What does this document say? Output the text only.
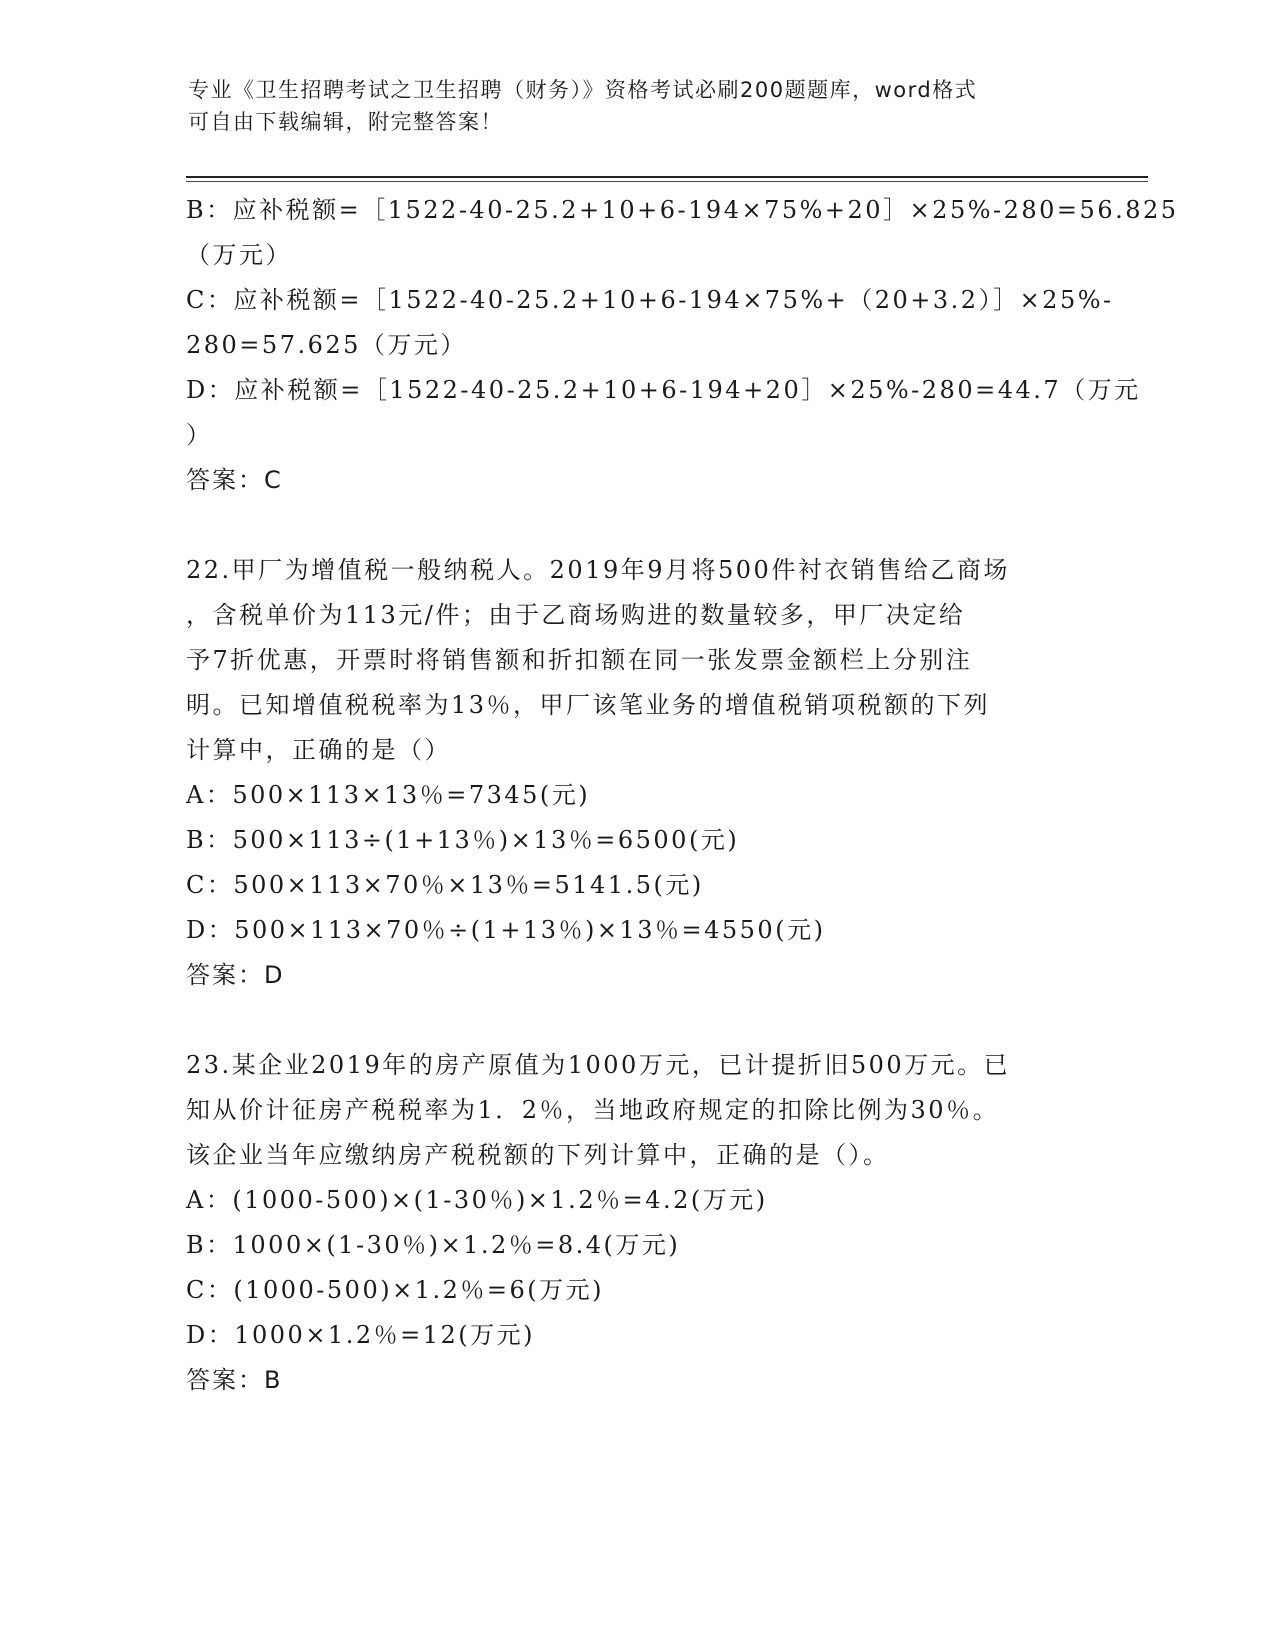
专业《卫生招聘考试之卫生招聘（财务）》资格考试必刷200题题库，word格式
可自由下载编辑，附完整答案！
B：应补税额=［1522-40-25.2+10+6-194×75%+20］×25%-280=56.825
（万元）
C：应补税额=［1522-40-25.2+10+6-194×75%+（20+3.2）］×25%-
280=57.625（万元）
D：应补税额=［1522-40-25.2+10+6-194+20］×25%-280=44.7（万元
）
答案：C
22.甲厂为增值税一般纳税人。2019年9月将500件衬衣销售给乙商场
，含税单价为113元/件；由于乙商场购进的数量较多，甲厂决定给
予7折优惠，开票时将销售额和折扣额在同一张发票金额栏上分别注
明。已知增值税税率为13％，甲厂该笔业务的增值税销项税额的下列
计算中，正确的是（）
A：500×113×13％=7345(元)
B：500×113÷(1+13％)×13％=6500(元)
C：500×113×70％×13％=5141.5(元)
D：500×113×70％÷(1+13％)×13％=4550(元)
答案：D
23.某企业2019年的房产原值为1000万元，已计提折旧500万元。已
知从价计征房产税税率为1．2％，当地政府规定的扣除比例为30％。
该企业当年应缴纳房产税税额的下列计算中，正确的是（）。
A：(1000-500)×(1-30％)×1.2％=4.2(万元)
B：1000×(1-30％)×1.2％=8.4(万元)
C：(1000-500)×1.2％=6(万元)
D：1000×1.2％=12(万元)
答案：B
